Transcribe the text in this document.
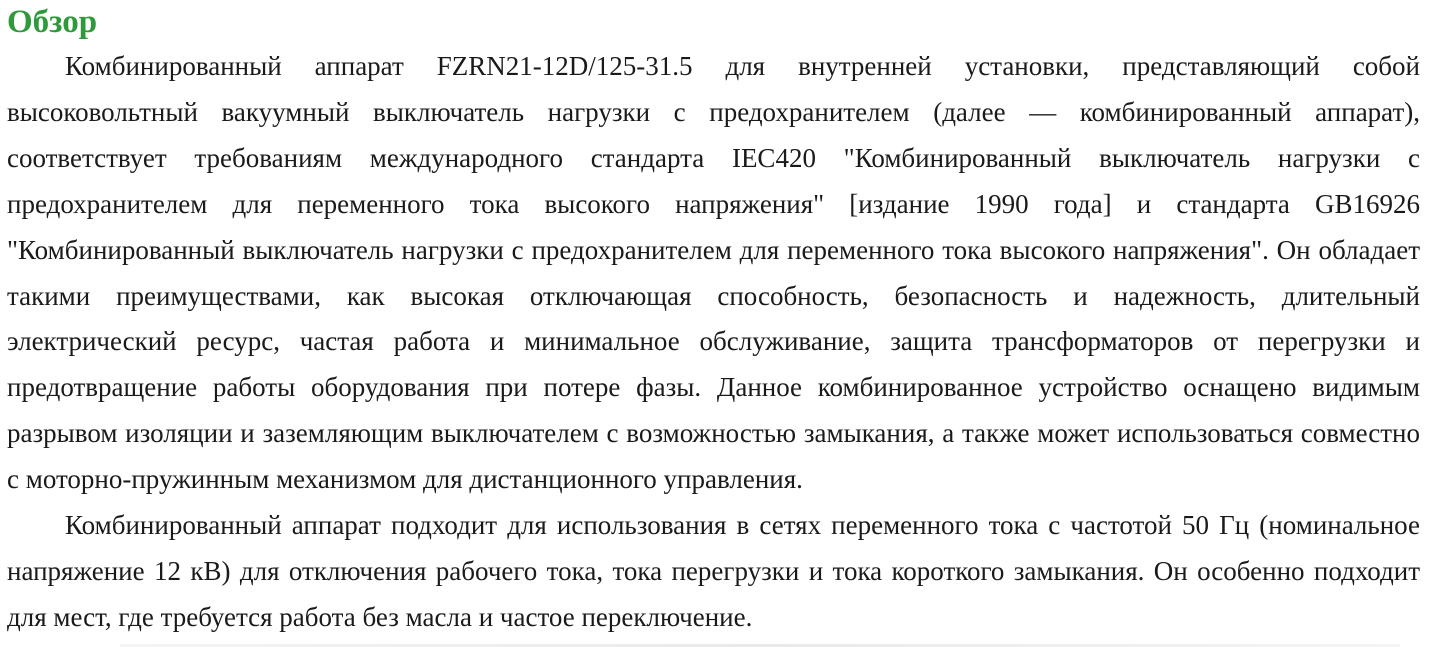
Обзор

Комбинированный аппарат FZRN21-12D/125-31.5 для внутренней установки, представляющий собой высоковольтный вакуумный выключатель нагрузки с предохранителем (далее — комбинированный аппарат), соответствует требованиям международного стандарта IEC420 "Комбинированный выключатель нагрузки с предохранителем для переменного тока высокого напряжения" [издание 1990 года] и стандарта GB16926 "Комбинированный выключатель нагрузки с предохранителем для переменного тока высокого напряжения". Он обладает такими преимуществами, как высокая отключающая способность, безопасность и надежность, длительный электрический ресурс, частая работа и минимальное обслуживание, защита трансформаторов от перегрузки и предотвращение работы оборудования при потере фазы. Данное комбинированное устройство оснащено видимым разрывом изоляции и заземляющим выключателем с возможностью замыкания, а также может использоваться совместно с моторно-пружинным механизмом для дистанционного управления.

Комбинированный аппарат подходит для использования в сетях переменного тока с частотой 50 Гц (номинальное напряжение 12 кВ) для отключения рабочего тока, тока перегрузки и тока короткого замыкания. Он особенно подходит для мест, где требуется работа без масла и частое переключение.
